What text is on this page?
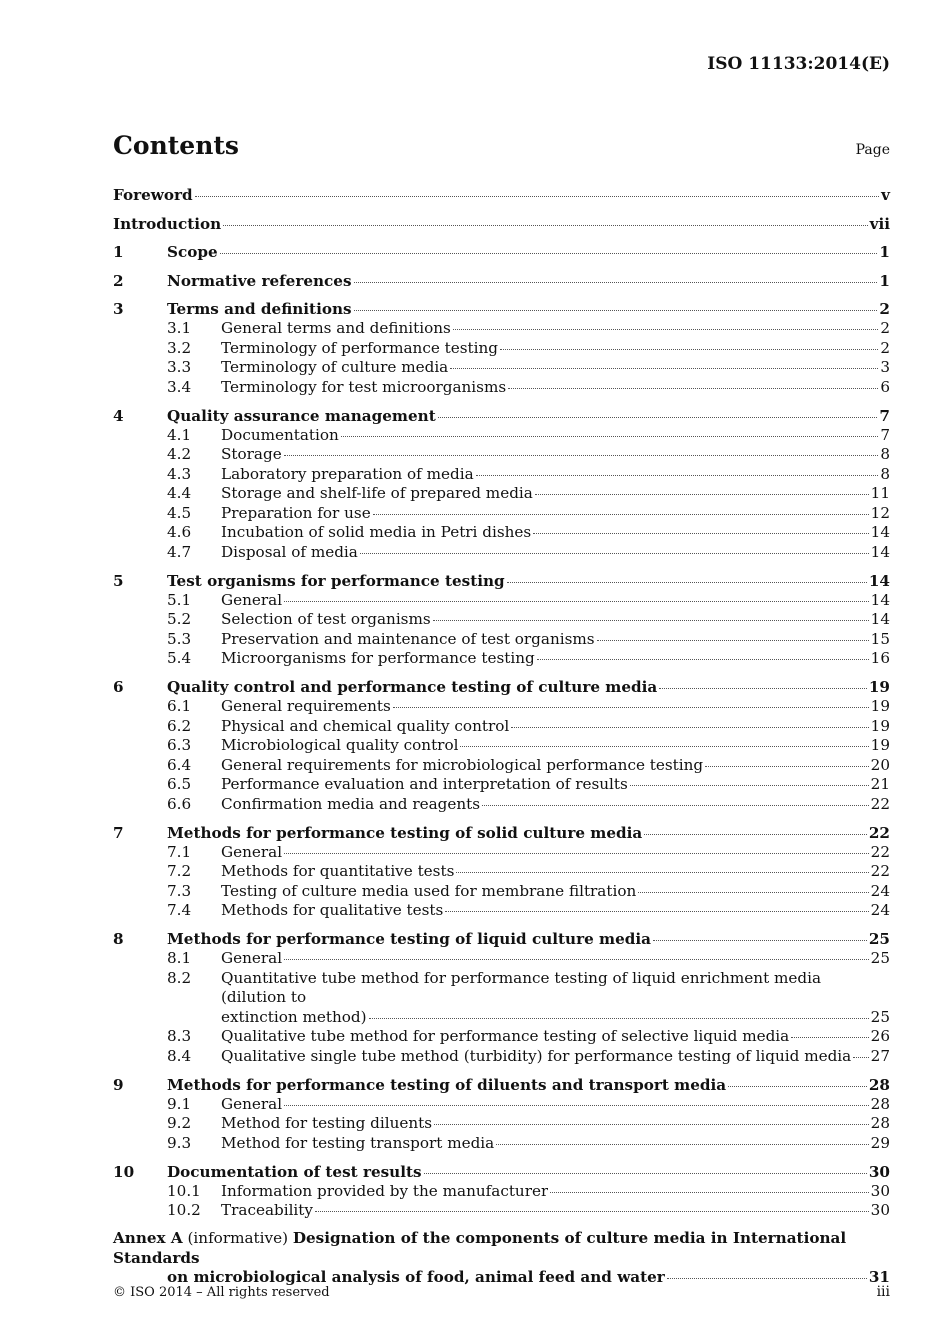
ISO 11133:2014(E)
Contents	Page
Foreword	v
Introduction	vii
1	Scope	1
2	Normative references	1
3	Terms and definitions	2
3.1	General terms and definitions	2
3.2	Terminology of performance testing	2
3.3	Terminology of culture media	3
3.4	Terminology for test microorganisms	6
4	Quality assurance management	7
4.1	Documentation	7
4.2	Storage	8
4.3	Laboratory preparation of media	8
4.4	Storage and shelf-life of prepared media	11
4.5	Preparation for use	12
4.6	Incubation of solid media in Petri dishes	14
4.7	Disposal of media	14
5	Test organisms for performance testing	14
5.1	General	14
5.2	Selection of test organisms	14
5.3	Preservation and maintenance of test organisms	15
5.4	Microorganisms for performance testing	16
6	Quality control and performance testing of culture media	19
6.1	General requirements	19
6.2	Physical and chemical quality control	19
6.3	Microbiological quality control	19
6.4	General requirements for microbiological performance testing	20
6.5	Performance evaluation and interpretation of results	21
6.6	Confirmation media and reagents	22
7	Methods for performance testing of solid culture media	22
7.1	General	22
7.2	Methods for quantitative tests	22
7.3	Testing of culture media used for membrane filtration	24
7.4	Methods for qualitative tests	24
8	Methods for performance testing of liquid culture media	25
8.1	General	25
8.2	Quantitative tube method for performance testing of liquid enrichment media (dilution to
extinction method)	25
8.3	Qualitative tube method for performance testing of selective liquid media	26
8.4	Qualitative single tube method (turbidity) for performance testing of liquid media 27
9	Methods for performance testing of diluents and transport media	28
9.1	General	28
9.2	Method for testing diluents	28
9.3	Method for testing transport media	29
10	Documentation of test results	30
10.1	Information provided by the manufacturer	30
10.2	Traceability	30
Annex A (informative) Designation of the components of culture media in International Standards
on microbiological analysis of food, animal feed and water	31
© ISO 2014 – All rights reserved	iii
